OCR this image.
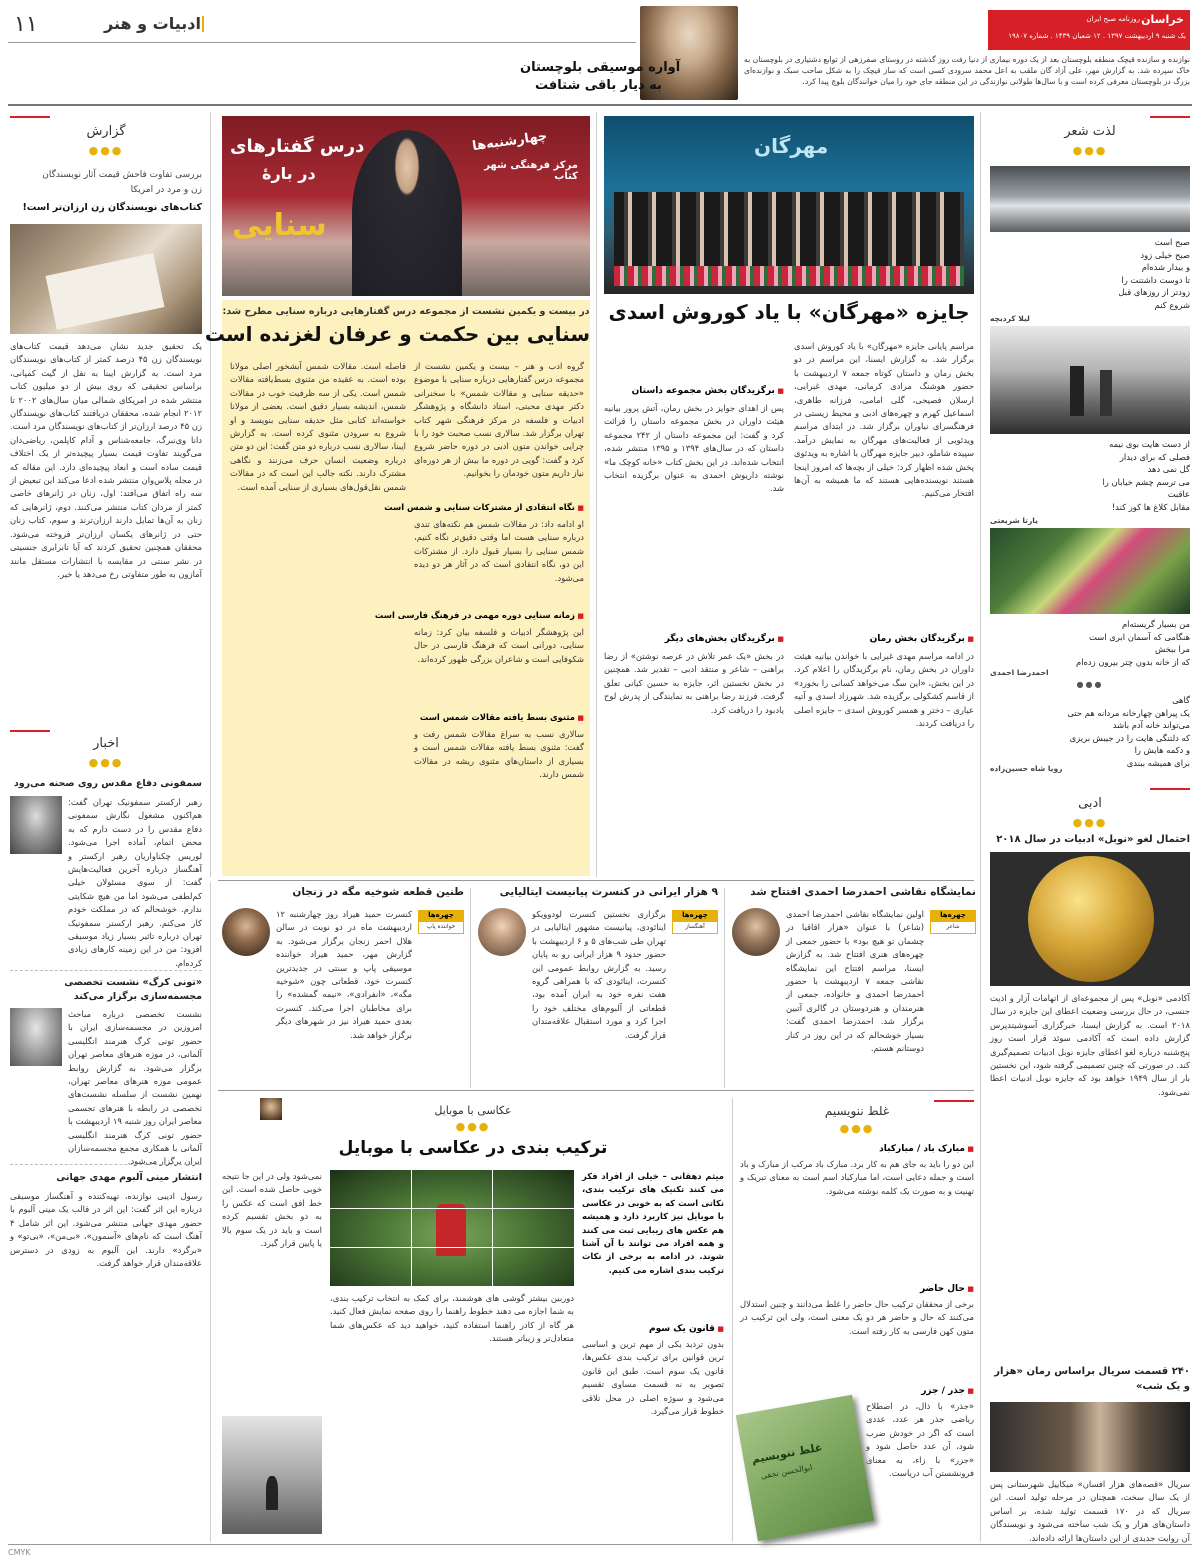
۱۱	ادبیات و هنر	خراسان
روزنامه صبح ایران
یک شنبه ۹ اردیبهشت ۱۳۹۷ . ۱۲ شعبان ۱۴۳۹ . شماره ۱۹۸۰۷
آواره موسیقی بلوچستان
به دیار باقی شتافت
نوازنده و سازنده قیچک منطقه بلوچستان بعد از یک دوره بیماری از دنیا رفت روز گذشته در روستای صفرزهی از توابع دشتیاری در بلوچستان به خاک سپرده شد. به گزارش مهر، علی آزاد گان ملقب به اعل محمد سرودی کسی است که ساز قیچک را به شکل صاحب سبک و نوازنده‌ای بزرگ در بلوچستان معرفی کرده است و با سال‌ها طولانی نوازندگی در این منطقه جای خود را میان خوانندگان بلوچ پیدا کرد.
گزارش
●●●
بررسی تفاوت فاحش قیمت آثار نویسندگان
زن و مرد در امریکا
کتاب‌های نویسندگان زن ارزان‌تر است!
یک تحقیق جدید نشان می‌دهد قیمت کتاب‌های نویسندگان زن ۴۵ درصد کمتر از کتاب‌های نویسندگان مرد است. به گزارش ایبنا به نقل از گیت کمپانی، براساس تحقیقی که روی بیش از دو میلیون کتاب منتشر شده در امریکای شمالی میان سال‌های ۲۰۰۲ تا ۲۰۱۲ انجام شده، محققان دریافتند کتاب‌های نویسندگان زن ۴۵ درصد ارزان‌تر از کتاب‌های نویسندگان مرد است. دانا وی‌نبرگ، جامعه‌شناس و آدام کاپلمن، ریاضی‌دان می‌گویند تفاوت قیمت بسیار پیچیده‌تر از یک اختلاف قیمت ساده است و ابعاد پیچیده‌ای دارد. این مقاله که در مجله پلاس‌وان منتشر شده ادعا می‌کند این تبعیض از سه راه اتفاق می‌افتد: اول، زنان در ژانرهای خاصی کمتر از مردان کتاب منتشر می‌کنند. دوم، ژانرهایی که زنان به آن‌ها تمایل دارند ارزان‌ترند و سوم، کتاب زنان حتی در ژانرهای یکسان ارزان‌تر فروخته می‌شود. محققان همچنین تحقیق کردند که آیا نابرابری جنسیتی در نشر سنتی در مقایسه با انتشارات مستقل مانند آمازون به طور متفاوتی رخ می‌دهد یا خیر.
اخبار
●●●
سمفونی دفاع مقدس روی صحنه می‌رود
رهبر ارکستر سمفونیک تهران گفت: هم‌اکنون مشغول نگارش سمفونی دفاع مقدس را در دست دارم که به محض اتمام، آماده اجرا می‌شود. لوریس چکناواریان رهبر ارکستر و آهنگساز درباره آخرین فعالیت‌هایش گفت: از سوی مسئولان خیلی کم‌لطفی می‌شود اما من هیچ شکایتی ندارم. خوشحالم که در مملکت خودم کار می‌کنم. رهبر ارکستر سمفونیک تهران درباره تاثیر بسیار زیاد موسیقی افزود: من در این زمینه کارهای زیادی کرده‌ام.
«تونی کرگ» نشست تخصصی مجسمه‌سازی برگزار می‌کند
نشست تخصصی درباره مباحث امروزین در مجسمه‌سازی ایران با حضور تونی کرگ هنرمند انگلیسی آلمانی، در موزه هنرهای معاصر تهران برگزار می‌شود. به گزارش روابط عمومی موزه هنرهای معاصر تهران، نهمین نشست از سلسله نشست‌های تخصصی در رابطه با هنرهای تجسمی معاصر ایران روز شنبه ۱۹ اردیبهشت با حضور تونی کرگ هنرمند انگلیسی آلمانی با همکاری مجمع مجسمه‌سازان ایران برگزار می‌شود.
انتشار مینی آلبوم مهدی جهانی
رسول ادیبی نوازنده، تهیه‌کننده و آهنگساز موسیقی درباره این اثر گفت: این اثر در قالب یک مینی آلبوم با حضور مهدی جهانی منتشر می‌شود. این اثر شامل ۴ آهنگ است که نام‌های «آسمون»، «بی‌من»، «بی‌تو» و «برگرد» دارند. این آلبوم به زودی در دسترس علاقه‌مندان قرار خواهد گرفت.
درس گفتارهای
در بارهٔ
سنایی
چهارشنبه‌ها
مرکز فرهنگی شهر کتاب
در بیست و یکمین نشست از مجموعه درس گفتارهایی درباره سنایی مطرح شد:
سنایی بین حکمت و عرفان لغزنده است
گروه ادب و هنر – بیست و یکمین نشست از مجموعه درس گفتارهایی درباره سنایی با موضوع «حدیقه سنایی و مقالات شمس» با سخنرانی دکتر مهدی محبتی، استاد دانشگاه و پژوهشگر ادبیات و فلسفه در مرکز فرهنگی شهر کتاب تهران برگزار شد. سالاری نسب صحبت خود را با چرایی خواندن متون ادبی در دوره حاضر شروع کرد و گفت: گویی در دوره ما بیش از هر دوره‌ای نیاز داریم متون خودمان را بخوانیم.
■ نگاه انتقادی از مشترکات سنایی و شمس است
او ادامه داد: در مقالات شمس هم نکته‌های تندی درباره سنایی هست اما وقتی دقیق‌تر نگاه کنیم، شمس سنایی را بسیار قبول دارد. از مشترکات این دو، نگاه انتقادی است که در آثار هر دو دیده می‌شود.
■ زمانه سنایی دوره مهمی در فرهنگ فارسی است
این پژوهشگر ادبیات و فلسفه بیان کرد: زمانه سنایی، دورانی است که فرهنگ فارسی در حال شکوفایی است و شاعران بزرگی ظهور کرده‌اند.
■ مثنوی بسط یافته مقالات شمس است
سالاری نسب به سراغ مقالات شمس رفت و گفت: مثنوی بسط یافته مقالات شمس است و بسیاری از داستان‌های مثنوی ریشه در مقالات شمس دارند.
فاصله است. مقالات شمس آبشخور اصلی مولانا بوده است. به عقیده من مثنوی بسط‌یافته مقالات شمس است. یکی از سه ظرفیت خوب در مقالات شمس، اندیشه بسیار دقیق است. بعضی از مولانا خواسته‌اند کتابی مثل حدیقه سنایی بنویسد و او شروع به سرودن مثنوی کرده است. به گزارش ایبنا، سالاری نسب درباره دو متن گفت: این دو متن درباره وضعیت انسان حرف می‌زنند و نگاهی مشترک دارند. نکته جالب این است که در مقالات شمس نقل‌قول‌های بسیاری از سنایی آمده است.
مهرگان
جایزه «مهرگان» با یاد کوروش اسدی
مراسم پایانی جایزه «مهرگان» با یاد کوروش اسدی برگزار شد. به گزارش ایسنا، این مراسم در دو بخش رمان و داستان کوتاه جمعه ۷ اردیبهشت با حضور هوشنگ مرادی کرمانی، مهدی غبرایی، ارسلان فصیحی، گلی امامی، فرزانه طاهری، اسماعیل کهرم و چهره‌های ادبی و محیط زیستی در فرهنگسرای نیاوران برگزار شد. در ابتدای مراسم ویدئویی از فعالیت‌های مهرگان به نمایش درآمد. سپیده شاملو، دبیر جایزه مهرگان با اشاره به ویدئوی پخش شده اظهار کرد: خیلی از بچه‌ها که امروز اینجا هستند نویسنده‌هایی هستند که ما همیشه به آن‌ها افتخار می‌کنیم.
■ برگزیدگان بخش رمان
در ادامه مراسم مهدی غبرایی با خواندن بیانیه هیئت داوران در بخش رمان، نام برگزیدگان را اعلام کرد. در این بخش، «این سگ می‌خواهد کسانی را بخورد» از قاسم کشکولی برگزیده شد. شهرزاد اسدی و آتیه عیاری – دختر و همسر کوروش اسدی – جایزه اصلی را دریافت کردند.
■ برگزیدگان بخش مجموعه داستان
پس از اهدای جوایز در بخش رمان، آتش پرور بیانیه هیئت داوران در بخش مجموعه داستان را قرائت کرد و گفت: این مجموعه داستان از ۲۴۲ مجموعه داستان که در سال‌های ۱۳۹۴ و ۱۳۹۵ منتشر شده، انتخاب شده‌اند. در این بخش کتاب «خانه کوچک ما» نوشته داریوش احمدی به عنوان برگزیده انتخاب شد.
■ برگزیدگان بخش‌های دیگر
در بخش «یک عمر تلاش در عرصه نوشتن» از رضا براهنی – شاعر و منتقد ادبی – تقدیر شد. همچنین در بخش نخستین اثر، جایزه به حسین کیانی تعلق گرفت. فرزند رضا براهنی به نمایندگی از پدرش لوح یادبود را دریافت کرد.
لذت شعر
●●●
صبح است
صبح خیلی زود
و بیدار شده‌ام
تا دوست داشتنت را
زودتر از روزهای قبل
شروع کنم
لیلا کردبچه
از دست هایت بوی نیمه
فصلی که برای دیدار
گل نمی دهد
می ترسم چشم خیابان را
عاقبت
مقابل کلاغ ها کور کند!
یارتا شریعتی
من بسیار گریسته‌ام
هنگامی که آسمان ابری است
مرا ببخش
که از خانه بدون چتر بیرون زده‌ام
احمدرضا احمدی
●●●
گاهی
یک پیراهن چهارخانه مردانه هم حتی
می‌تواند خانه آدم باشد
که دلتنگی هایت را در جیبش بریزی
و دکمه هایش را
برای همیشه ببندی
رویا شاه حسین‌زاده
ادبی
●●●
احتمال لغو «نوبل» ادبیات در سال ۲۰۱۸
آکادمی «نوبل» پس از مجموعه‌ای از اتهامات آزار و اذیت جنسی، در حال بررسی وضعیت اعطای این جایزه در سال ۲۰۱۸ است. به گزارش ایسنا، خبرگزاری آسوشیتدپرس گزارش داده است که آکادمی سوئد قرار است روز پنج‌شنبه درباره لغو اعطای جایزه نوبل ادبیات تصمیم‌گیری کند. در صورتی که چنین تصمیمی گرفته شود، این نخستین بار از سال ۱۹۴۹ خواهد بود که جایزه نوبل ادبیات اعطا نمی‌شود.
۲۴۰ قسمت سریال براساس رمان «هزار و یک شب»
سریال «قصه‌های هزار افسان» میکاییل شهرستانی پس از یک سال سخت، همچنان در مرحله تولید است. این سریال که در ۱۷۰ قسمت تولید شده، بر اساس داستان‌های هزار و یک شب ساخته می‌شود و نویسندگان آن روایت جدیدی از این داستان‌ها ارائه داده‌اند.
نمایشگاه نقاشی احمدرضا احمدی افتتاح شد
چهره‌ها
شاعر
اولین نمایشگاه نقاشی احمدرضا احمدی (شاعر) با عنوان «هزار اقاقیا در چشمان تو هیچ بود» با حضور جمعی از چهره‌های هنری افتتاح شد. به گزارش ایسنا، مراسم افتتاح این نمایشگاه نقاشی جمعه ۷ اردیبهشت با حضور احمدرضا احمدی و خانواده، جمعی از هنرمندان و هنردوستان در گالری آتبین برگزار شد. احمدرضا احمدی گفت: بسیار خوشحالم که در این روز در کنار دوستانم هستم.
۹ هزار ایرانی در کنسرت پیانیست ایتالیایی
چهره‌ها
آهنگساز
برگزاری نخستین کنسرت لودوویکو اینائودی، پیانیست مشهور ایتالیایی در تهران طی شب‌های ۵ و ۶ اردیبهشت با حضور حدود ۹ هزار ایرانی رو به پایان رسید. به گزارش روابط عمومی این کنسرت، اینائودی که با همراهی گروه هفت نفره خود به ایران آمده بود، قطعاتی از آلبوم‌های مختلف خود را اجرا کرد و مورد استقبال علاقه‌مندان قرار گرفت.
طنین قطعه شوخیه مگه در زنجان
چهره‌ها
خواننده پاپ
کنسرت حمید هیراد روز چهارشنبه ۱۲ اردیبهشت ماه در دو نوبت در سالن هلال احمر زنجان برگزار می‌شود. به گزارش مهر، حمید هیراد خواننده موسیقی پاپ و سنتی در جدیدترین کنسرت خود، قطعاتی چون «شوخیه مگه»، «انفرادی»، «نیمه گمشده» را برای مخاطبان اجرا می‌کند. کنسرت بعدی حمید هیراد نیز در شهرهای دیگر برگزار خواهد شد.
غلط ننویسیم
●●●
■ مبارک باد / مبارکباد
این دو را باید به جای هم به کار برد. مبارک باد مرکب از مبارک و باد است و جمله دعایی است، اما مبارکباد اسم است به معنای تبریک و تهنیت و به صورت یک کلمه نوشته می‌شود.
■ حال حاضر
برخی از محققان ترکیب حال حاضر را غلط می‌دانند و چنین استدلال می‌کنند که حال و حاضر هر دو یک معنی است، ولی این ترکیب در متون کهن فارسی به کار رفته است.
■ جذر / جزر
«جذر» با ذال، در اصطلاح ریاضی جذر هر عدد، عددی است که اگر در خودش ضرب شود، آن عدد حاصل شود و «جزر» با زاء، به معنای فرونشستن آب دریاست.
غلط ننویسیم
ابوالحسن نجفی
عکاسی با موبایل
●●●
ترکیب بندی در عکاسی با موبایل
میثم دهقانی – خیلی از افراد فکر می کنند تکنیک های ترکیب بندی، نکاتی است که به خوبی در عکاسی با موبایل نیز کاربرد دارد و همیشه هم عکس های زیبایی ثبت می کنند و همه افراد می توانند با آن آشنا شوند. در ادامه به برخی از نکات ترکیب بندی اشاره می کنیم.
■ قانون یک سوم
بدون تردید یکی از مهم ترین و اساسی ترین قوانین برای ترکیب بندی عکس‌ها، قانون یک سوم است. طبق این قانون تصویر به نه قسمت مساوی تقسیم می‌شود و سوژه اصلی در محل تلاقی خطوط قرار می‌گیرد.
دوربین بیشتر گوشی های هوشمند، برای کمک به انتخاب ترکیب بندی، به شما اجازه می دهند خطوط راهنما را روی صفحه نمایش فعال کنید. هر گاه از کادر راهنما استفاده کنید، خواهید دید که عکس‌های شما متعادل‌تر و زیباتر هستند.
نمی‌شود ولی در این جا نتیجه خوبی حاصل شده است. این خط افق است که عکس را به دو بخش تقسیم کرده است و باید در یک سوم بالا یا پایین قرار گیرد.
CMYK
